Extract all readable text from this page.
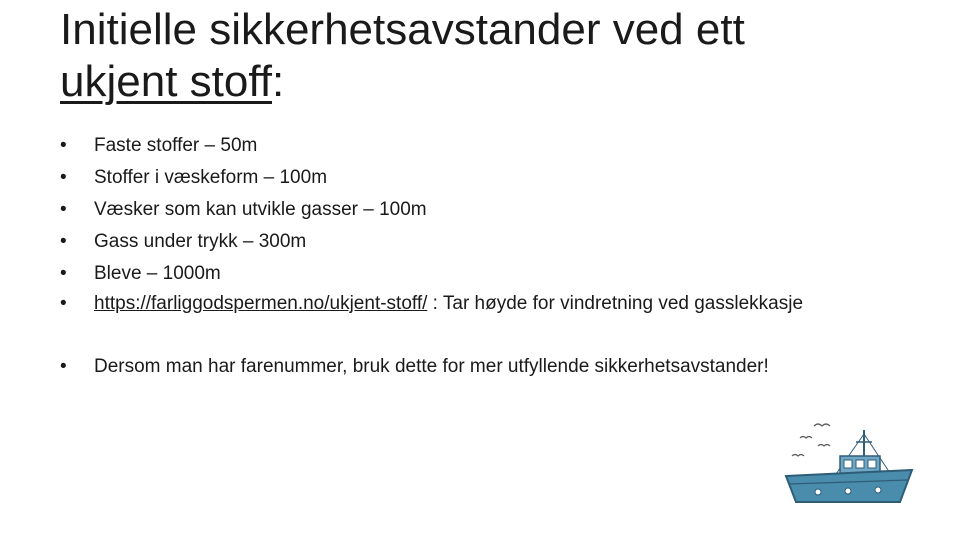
Initielle sikkerhetsavstander ved ett
ukjent stoff:
• Faste stoffer – 50m
• Stoffer i væskeform – 100m
• Væsker som kan utvikle gasser – 100m
• Gass under trykk – 300m
• Bleve – 1000m
• https://farliggodspermen.no/ukjent-stoff/ : Tar høyde for vindretning ved gasslekkasje
• Dersom man har farenummer, bruk dette for mer utfyllende sikkerhetsavstander!
